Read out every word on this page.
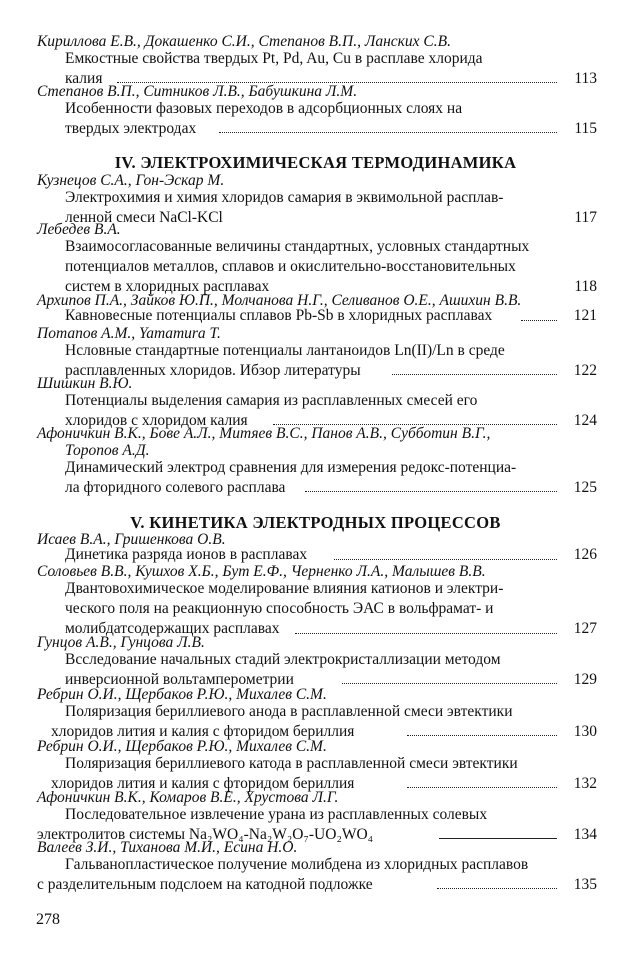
Кириллова Е.В., Докашенко С.И., Степанов В.П., Ланских С.В.
Емкостные свойства твердых Pt, Pd, Au, Cu в расплаве хлорида
калия	113
Степанов В.П., Ситников Л.В., Бабушкина Л.М.
Исобенности фазовых переходов в адсорбционных слоях на
твердых электродах	115
IV. ЭЛЕКТРОХИМИЧЕСКАЯ ТЕРМОДИНАМИКА
Кузнецов С.А., Гон-Эскар М.
Электрохимия и химия хлоридов самария в эквимольной расплав-
ленной смеси NaCl-KCl	117
Лебедев В.А.
Взаимосогласованные величины стандартных, условных стандартных
потенциалов металлов, сплавов и окислительно-восстановительных
систем в хлоридных расплавах	118
Архипов П.А., Зайков Ю.П., Молчанова Н.Г., Селиванов О.Е., Ашихин В.В.
Кавновесные потенциалы сплавов Pb-Sb в хлоридных расплавах	121
Потапов А.М., Yamamura T.
Нсловные стандартные потенциалы лантаноидов Ln(II)/Ln в среде
расплавленных хлоридов. Ибзор литературы	122
Шишкин В.Ю.
Потенциалы выделения самария из расплавленных смесей его
хлоридов с хлоридом калия	124
Афоничкин В.К., Бове А.Л., Митяев В.С., Панов А.В., Субботин В.Г.,
Торопов А.Д.
Динамический электрод сравнения для измерения редокс-потенциа-
ла фторидного солевого расплава	125
V. КИНЕТИКА ЭЛЕКТРОДНЫХ ПРОЦЕССОВ
Исаев В.А., Гришенкова О.В.
Динетика разряда ионов в расплавах	126
Соловьев В.В., Кушхов Х.Б., Бут Е.Ф., Черненко Л.А., Малышев В.В.
Двантовохимическое моделирование влияния катионов и электри-
ческого поля на реакционную способность ЭАС в вольфрамат- и
молибдатсодержащих расплавах	127
Гунцов А.В., Гунцова Л.В.
Всследование начальных стадий электрокристаллизации методом
инверсионной вольтамперометрии	129
Ребрин О.И., Щербаков Р.Ю., Михалев С.М.
Поляризация бериллиевого анода в расплавленной смеси эвтектики
хлоридов лития и калия с фторидом бериллия	130
Ребрин О.И., Щербаков Р.Ю., Михалев С.М.
Поляризация бериллиевого катода в расплавленной смеси эвтектики
хлоридов лития и калия с фторидом бериллия	132
Афоничкин В.К., Комаров В.Е., Хрустова Л.Г.
Последовательное извлечение урана из расплавленных солевых
электролитов системы Na₂WO₄-Na₂W₂O₇-UO₂WO₄	134
Валеев З.И., Тиханова М.И., Есина Н.О.
Гальванопластическое получение молибдена из хлоридных расплавов
с разделительным подслоем на катодной подложке	135
278
